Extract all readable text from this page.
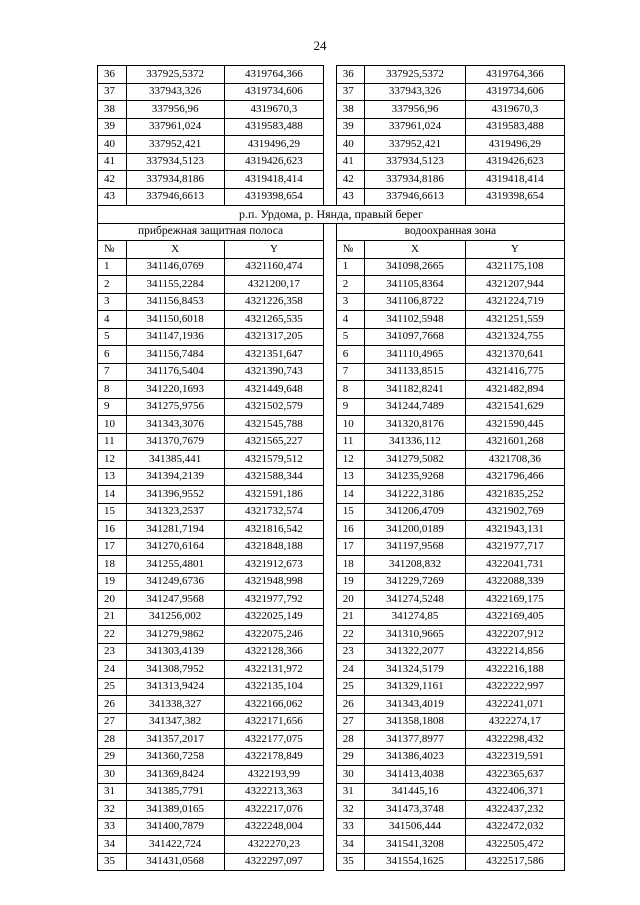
24
36	337925,5372	4319764,366		36	337925,5372	4319764,366
37	337943,326	4319734,606		37	337943,326	4319734,606
38	337956,96	4319670,3		38	337956,96	4319670,3
39	337961,024	4319583,488		39	337961,024	4319583,488
40	337952,421	4319496,29		40	337952,421	4319496,29
41	337934,5123	4319426,623		41	337934,5123	4319426,623
42	337934,8186	4319418,414		42	337934,8186	4319418,414
43	337946,6613	4319398,654		43	337946,6613	4319398,654
р.п. Урдома, р. Нянда, правый берег						
прибрежная защитная полоса				водоохранная зона		
№	X	Y		№	X	Y
1	341146,0769	4321160,474		1	341098,2665	4321175,108
2	341155,2284	4321200,17		2	341105,8364	4321207,944
3	341156,8453	4321226,358		3	341106,8722	4321224,719
4	341150,6018	4321265,535		4	341102,5948	4321251,559
5	341147,1936	4321317,205		5	341097,7668	4321324,755
6	341156,7484	4321351,647		6	341110,4965	4321370,641
7	341176,5404	4321390,743		7	341133,8515	4321416,775
8	341220,1693	4321449,648		8	341182,8241	4321482,894
9	341275,9756	4321502,579		9	341244,7489	4321541,629
10	341343,3076	4321545,788		10	341320,8176	4321590,445
11	341370,7679	4321565,227		11	341336,112	4321601,268
12	341385,441	4321579,512		12	341279,5082	4321708,36
13	341394,2139	4321588,344		13	341235,9268	4321796,466
14	341396,9552	4321591,186		14	341222,3186	4321835,252
15	341323,2537	4321732,574		15	341206,4709	4321902,769
16	341281,7194	4321816,542		16	341200,0189	4321943,131
17	341270,6164	4321848,188		17	341197,9568	4321977,717
18	341255,4801	4321912,673		18	341208,832	4322041,731
19	341249,6736	4321948,998		19	341229,7269	4322088,339
20	341247,9568	4321977,792		20	341274,5248	4322169,175
21	341256,002	4322025,149		21	341274,85	4322169,405
22	341279,9862	4322075,246		22	341310,9665	4322207,912
23	341303,4139	4322128,366		23	341322,2077	4322214,856
24	341308,7952	4322131,972		24	341324,5179	4322216,188
25	341313,9424	4322135,104		25	341329,1161	4322222,997
26	341338,327	4322166,062		26	341343,4019	4322241,071
27	341347,382	4322171,656		27	341358,1808	4322274,17
28	341357,2017	4322177,075		28	341377,8977	4322298,432
29	341360,7258	4322178,849		29	341386,4023	4322319,591
30	341369,8424	4322193,99		30	341413,4038	4322365,637
31	341385,7791	4322213,363		31	341445,16	4322406,371
32	341389,0165	4322217,076		32	341473,3748	4322437,232
33	341400,7879	4322248,004		33	341506,444	4322472,032
34	341422,724	4322270,23		34	341541,3208	4322505,472
35	341431,0568	4322297,097		35	341554,1625	4322517,586
